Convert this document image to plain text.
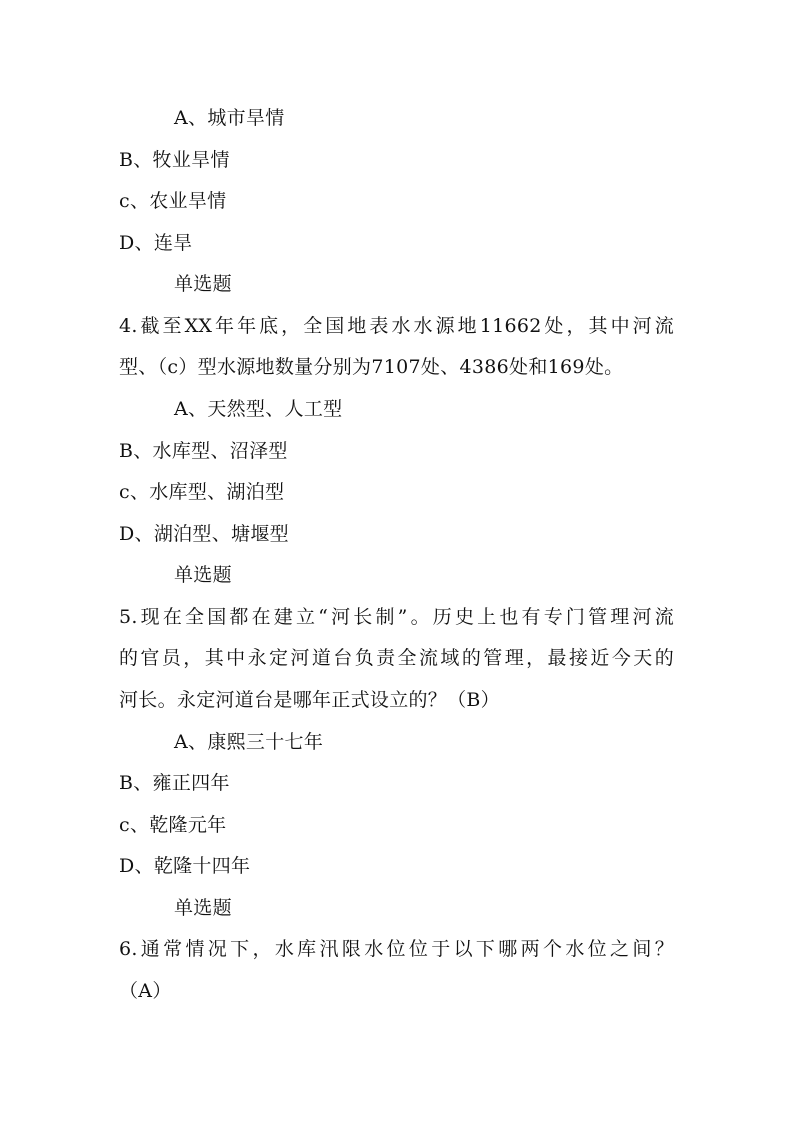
A、城市旱情
B、牧业旱情
c、农业旱情
D、连旱
单选题
4.截至XX年年底，全国地表水水源地11662处，其中河流
型、（c）型水源地数量分别为7107处、4386处和169处。
A、天然型、人工型
B、水库型、沼泽型
c、水库型、湖泊型
D、湖泊型、塘堰型
单选题
5.现在全国都在建立“河长制”。历史上也有专门管理河流
的官员，其中永定河道台负责全流域的管理，最接近今天的
河长。永定河道台是哪年正式设立的？（B）
A、康熙三十七年
B、雍正四年
c、乾隆元年
D、乾隆十四年
单选题
6.通常情况下，水库汛限水位位于以下哪两个水位之间？
（A）
